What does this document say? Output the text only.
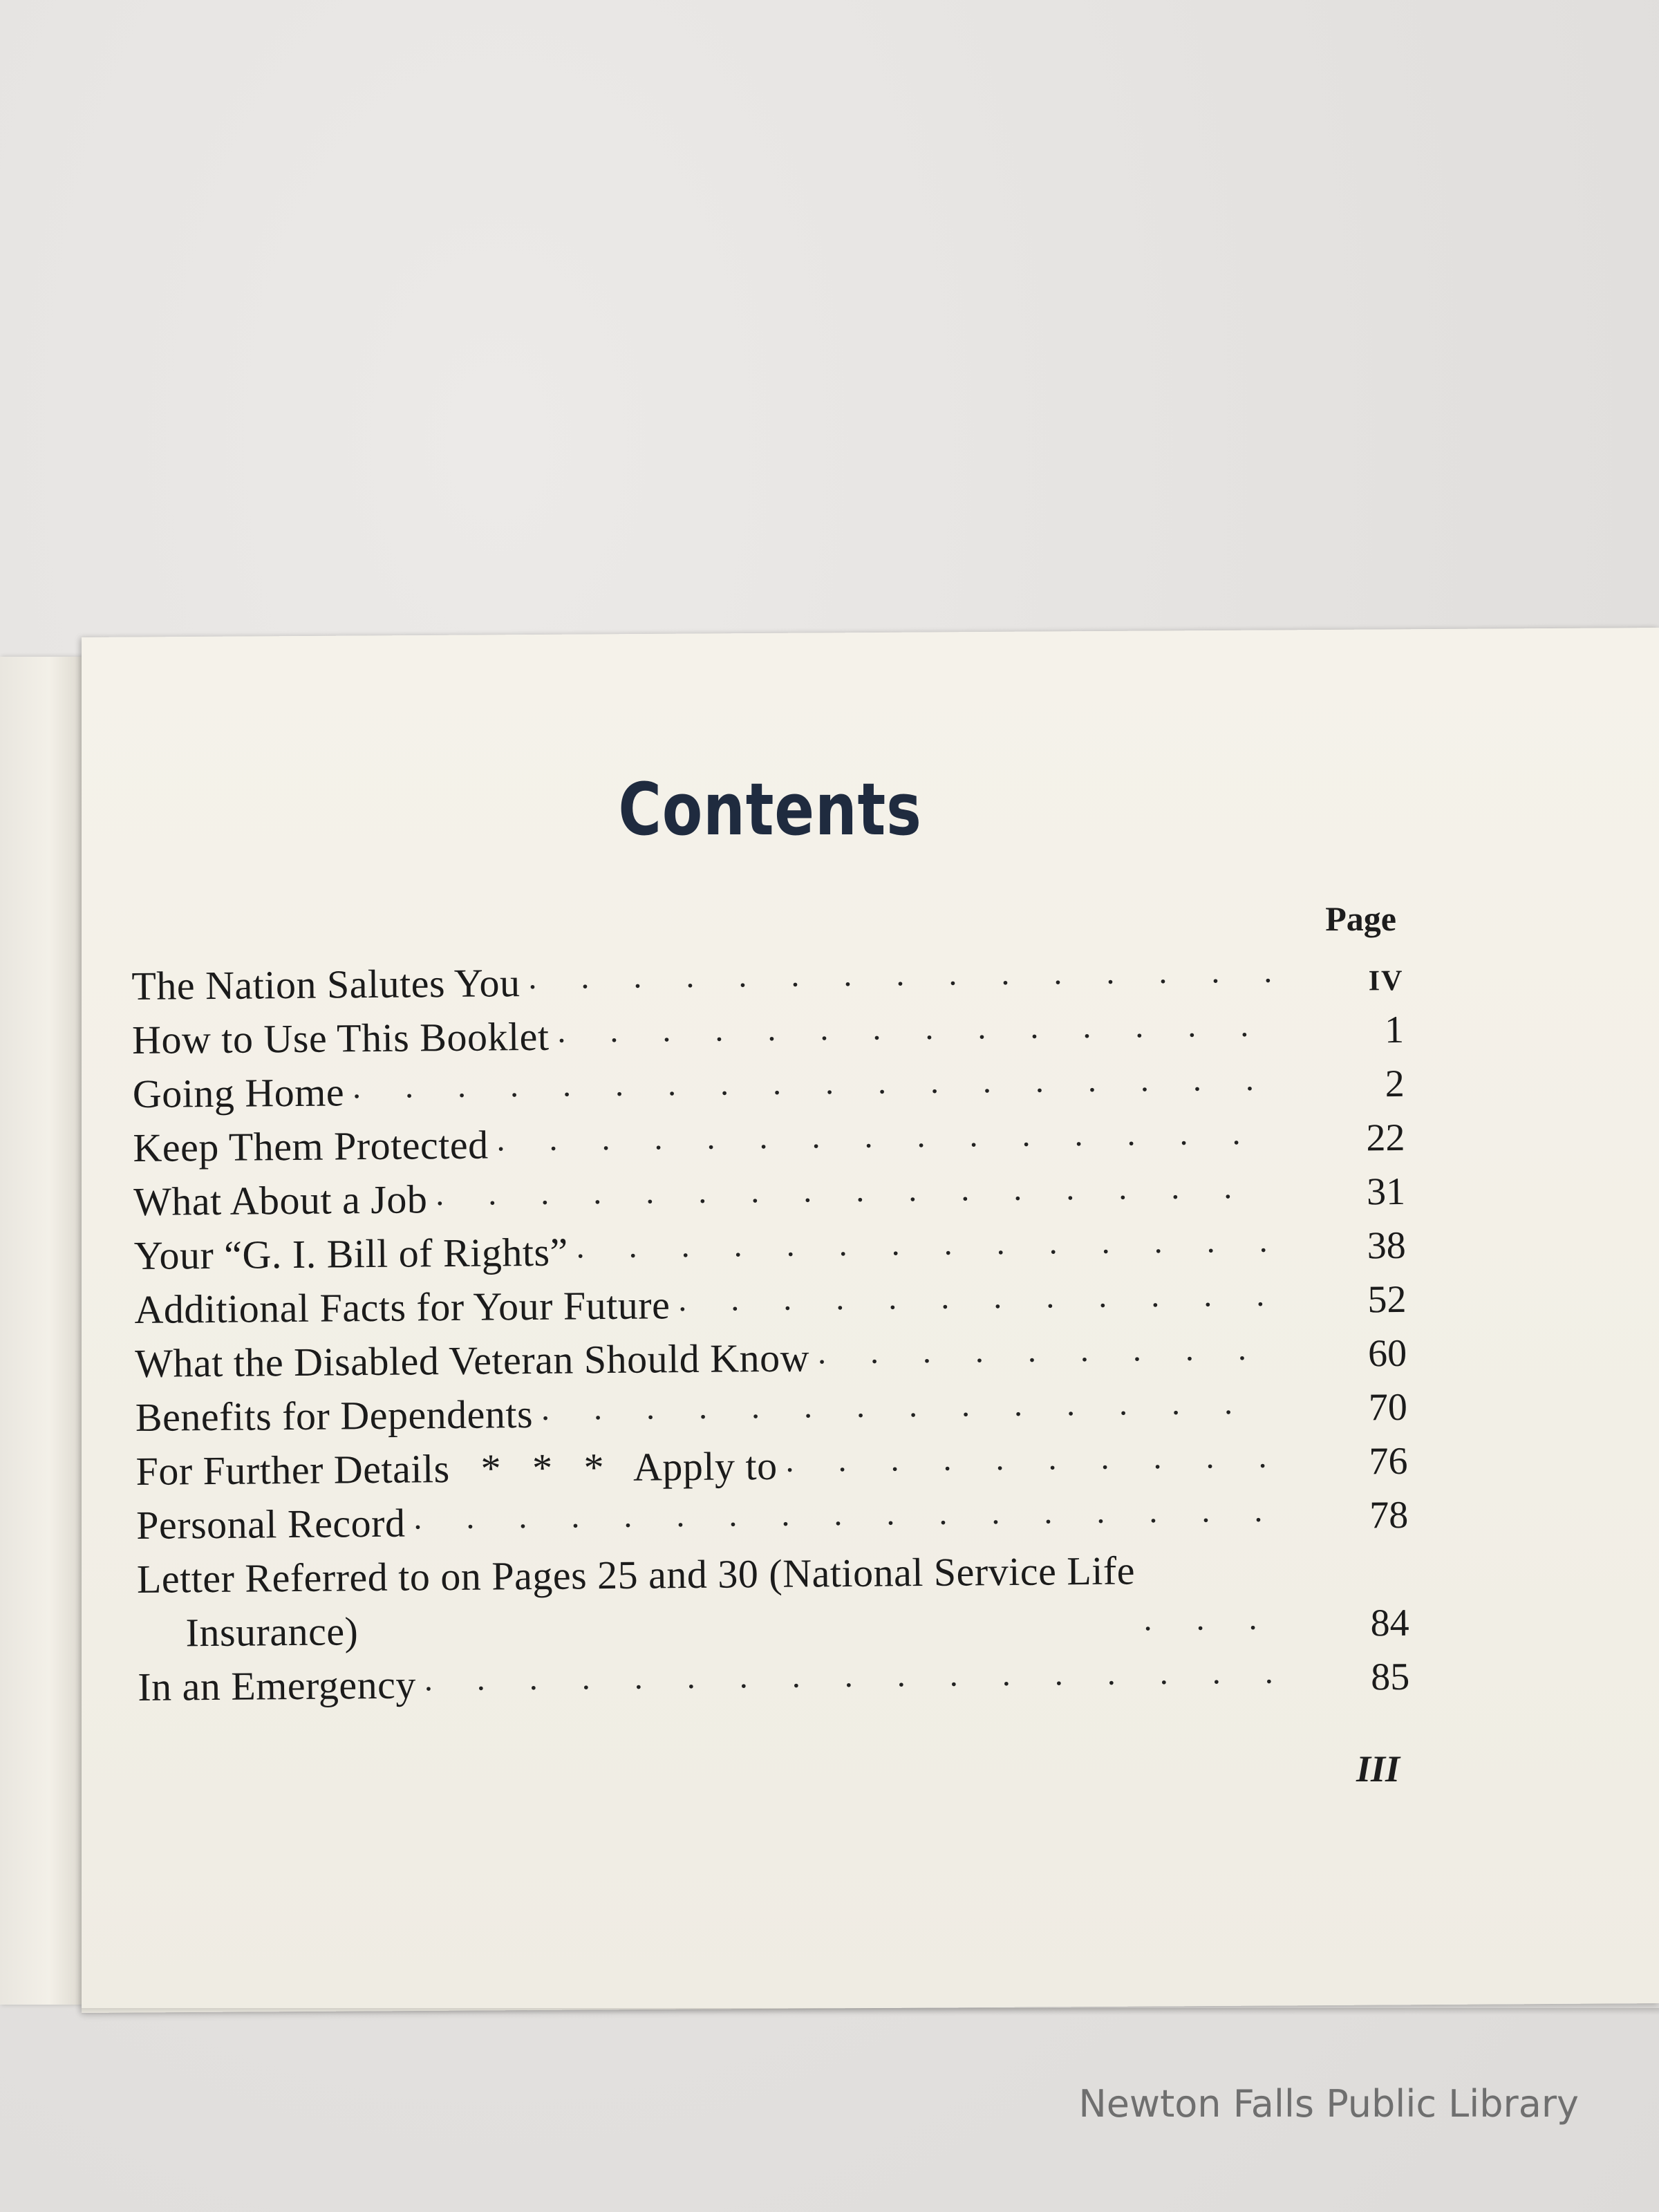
Contents
Page
The Nation Salutes You . . .	IV
How to Use This Booklet . . .	1
Going Home . . .	2
Keep Them Protected . . .	22
What About a Job . . .	31
Your “G. I. Bill of Rights” . . .	38
Additional Facts for Your Future . . .	52
What the Disabled Veteran Should Know . . .	60
Benefits for Dependents . . .	70
For Further Details   *   *   *   Apply to . . .	76
Personal Record . . .	78
Letter Referred to on Pages 25 and 30 (National Service Life
Insurance) . . .	84
In an Emergency . . .	85
III
Newton Falls Public Library
